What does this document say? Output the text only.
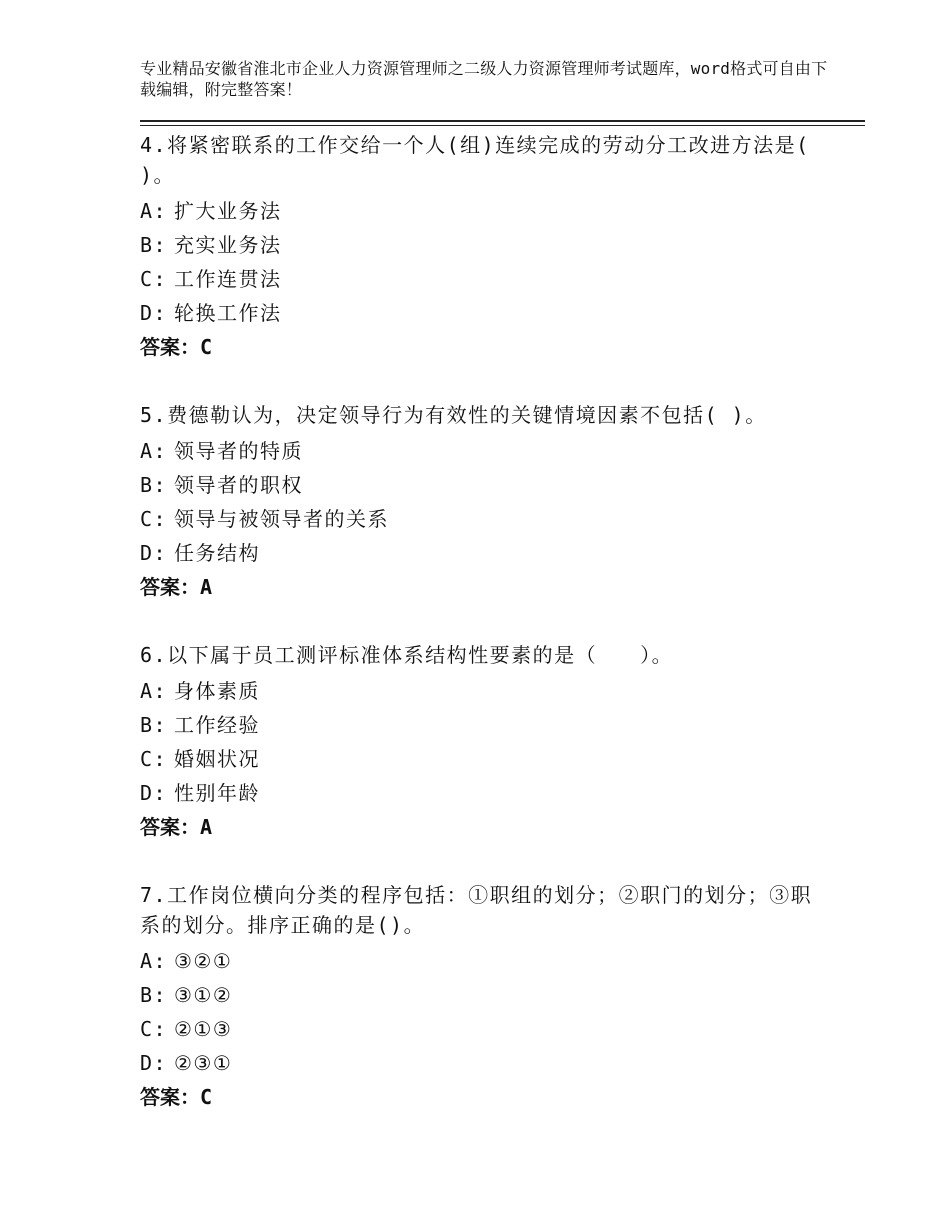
专业精品安徽省淮北市企业人力资源管理师之二级人力资源管理师考试题库，word格式可自由下载编辑，附完整答案！
4.将紧密联系的工作交给一个人(组)连续完成的劳动分工改进方法是( )。
A: 扩大业务法
B: 充实业务法
C: 工作连贯法
D: 轮换工作法
答案：C
5.费德勒认为，决定领导行为有效性的关键情境因素不包括( )。
A: 领导者的特质
B: 领导者的职权
C: 领导与被领导者的关系
D: 任务结构
答案：A
6.以下属于员工测评标准体系结构性要素的是（　　）。
A: 身体素质
B: 工作经验
C: 婚姻状况
D: 性别年龄
答案：A
7.工作岗位横向分类的程序包括：①职组的划分；②职门的划分；③职系的划分。排序正确的是()。
A: ③②①
B: ③①②
C: ②①③
D: ②③①
答案：C
